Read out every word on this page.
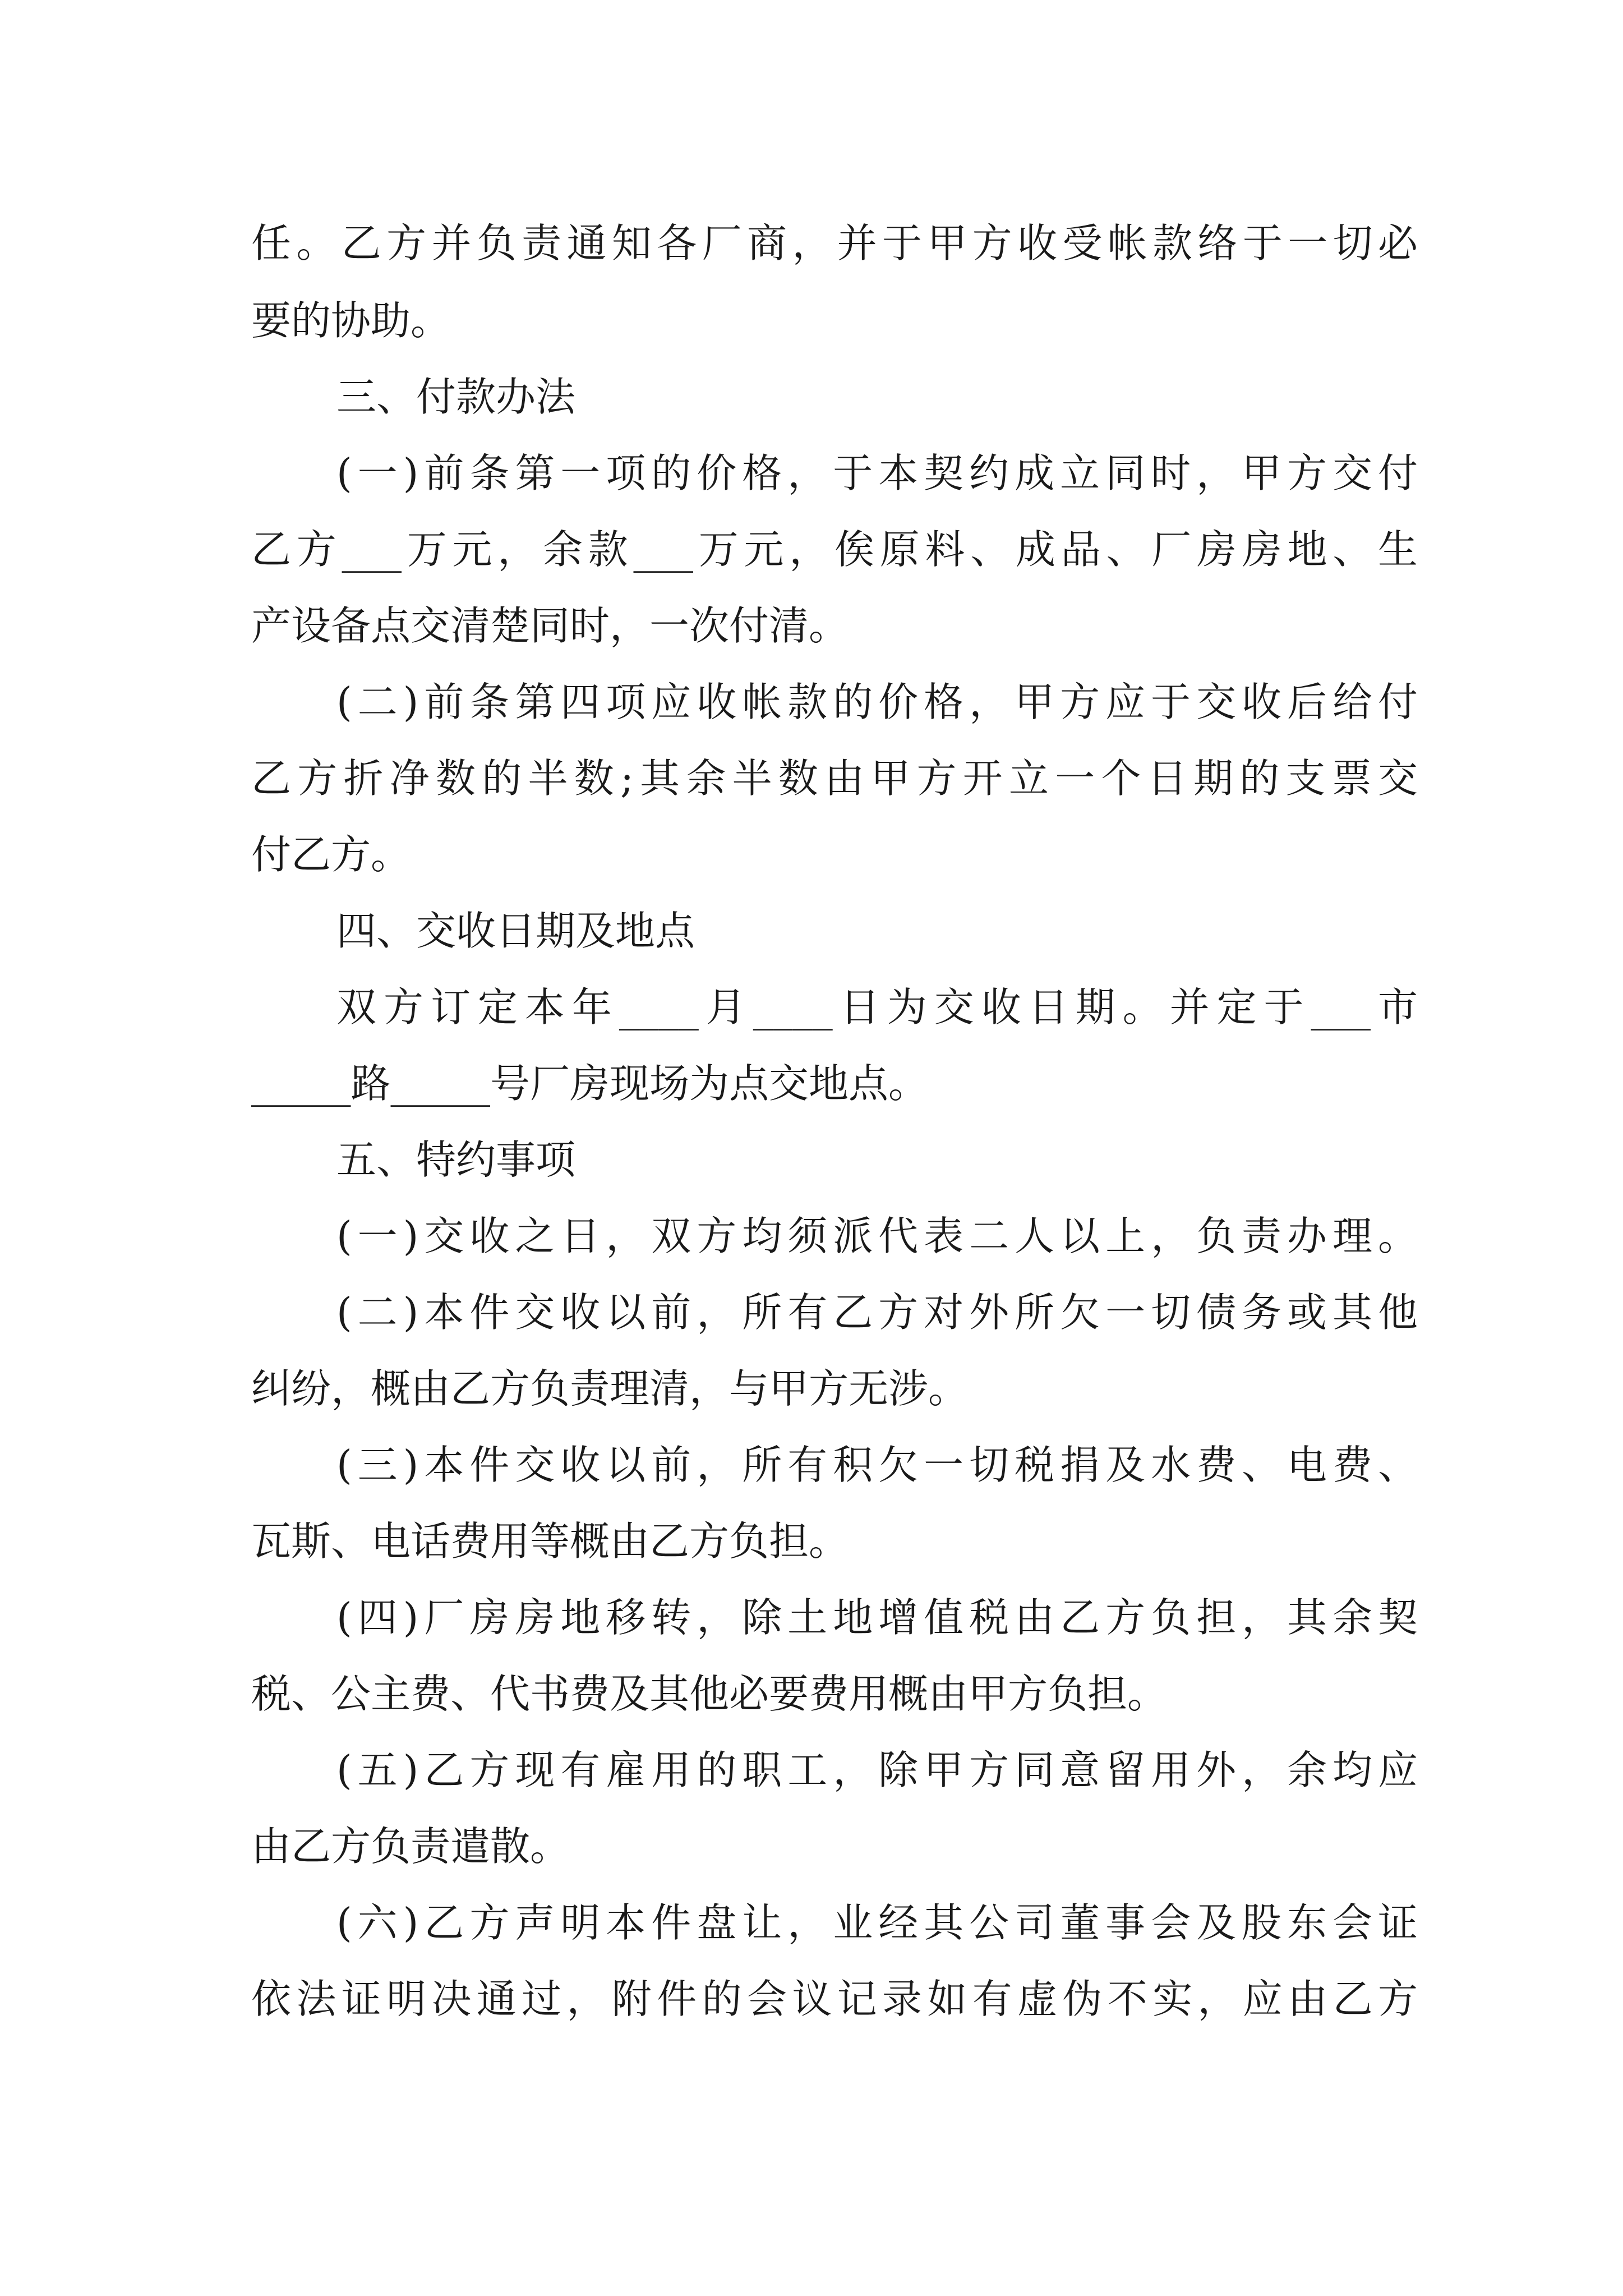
任。乙方并负责通知各厂商，并于甲方收受帐款络于一切必
要的协助。
三、付款办法
(一)前条第一项的价格，于本契约成立同时，甲方交付
乙方___万元，余款___万元，俟原料、成品、厂房房地、生
产设备点交清楚同时，一次付清。
(二)前条第四项应收帐款的价格，甲方应于交收后给付
乙方折净数的半数;其余半数由甲方开立一个日期的支票交
付乙方。
四、交收日期及地点
双方订定本年____月____日为交收日期。并定于___市
_____路_____号厂房现场为点交地点。
五、特约事项
(一)交收之日，双方均须派代表二人以上，负责办理。
(二)本件交收以前，所有乙方对外所欠一切债务或其他
纠纷，概由乙方负责理清，与甲方无涉。
(三)本件交收以前，所有积欠一切税捐及水费、电费、
瓦斯、电话费用等概由乙方负担。
(四)厂房房地移转，除土地增值税由乙方负担，其余契
税、公主费、代书费及其他必要费用概由甲方负担。
(五)乙方现有雇用的职工，除甲方同意留用外，余均应
由乙方负责遣散。
(六)乙方声明本件盘让，业经其公司董事会及股东会证
依法证明决通过，附件的会议记录如有虚伪不实，应由乙方
